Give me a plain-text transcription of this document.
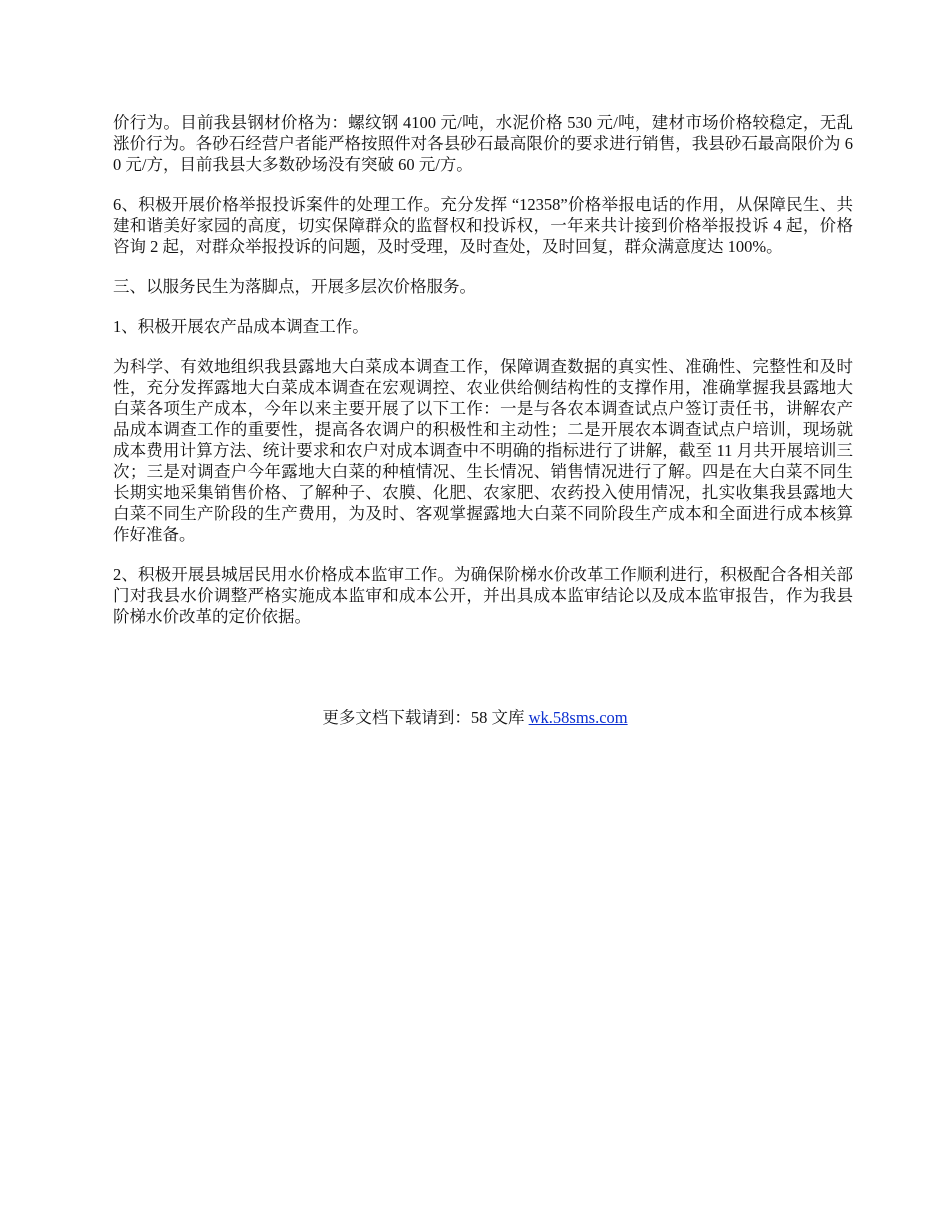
价行为。目前我县钢材价格为：螺纹钢 4100 元/吨，水泥价格 530 元/吨，建材市场价格较稳定，无乱涨价行为。各砂石经营户者能严格按照件对各县砂石最高限价的要求进行销售，我县砂石最高限价为 60 元/方，目前我县大多数砂场没有突破 60 元/方。

6、积极开展价格举报投诉案件的处理工作。充分发挥 “12358”价格举报电话的作用，从保障民生、共建和谐美好家园的高度，切实保障群众的监督权和投诉权，一年来共计接到价格举报投诉 4 起，价格咨询 2 起，对群众举报投诉的问题，及时受理，及时查处，及时回复，群众满意度达 100%。

三、以服务民生为落脚点，开展多层次价格服务。

1、积极开展农产品成本调查工作。

为科学、有效地组织我县露地大白菜成本调查工作，保障调查数据的真实性、准确性、完整性和及时性，充分发挥露地大白菜成本调查在宏观调控、农业供给侧结构性的支撑作用，准确掌握我县露地大白菜各项生产成本，今年以来主要开展了以下工作：一是与各农本调查试点户签订责任书，讲解农产品成本调查工作的重要性，提高各农调户的积极性和主动性；二是开展农本调查试点户培训，现场就成本费用计算方法、统计要求和农户对成本调查中不明确的指标进行了讲解，截至 11 月共开展培训三次；三是对调查户今年露地大白菜的种植情况、生长情况、销售情况进行了解。四是在大白菜不同生长期实地采集销售价格、了解种子、农膜、化肥、农家肥、农药投入使用情况，扎实收集我县露地大白菜不同生产阶段的生产费用，为及时、客观掌握露地大白菜不同阶段生产成本和全面进行成本核算作好准备。

2、积极开展县城居民用水价格成本监审工作。为确保阶梯水价改革工作顺利进行，积极配合各相关部门对我县水价调整严格实施成本监审和成本公开，并出具成本监审结论以及成本监审报告，作为我县阶梯水价改革的定价依据。

更多文档下载请到：58 文库 wk.58sms.com
